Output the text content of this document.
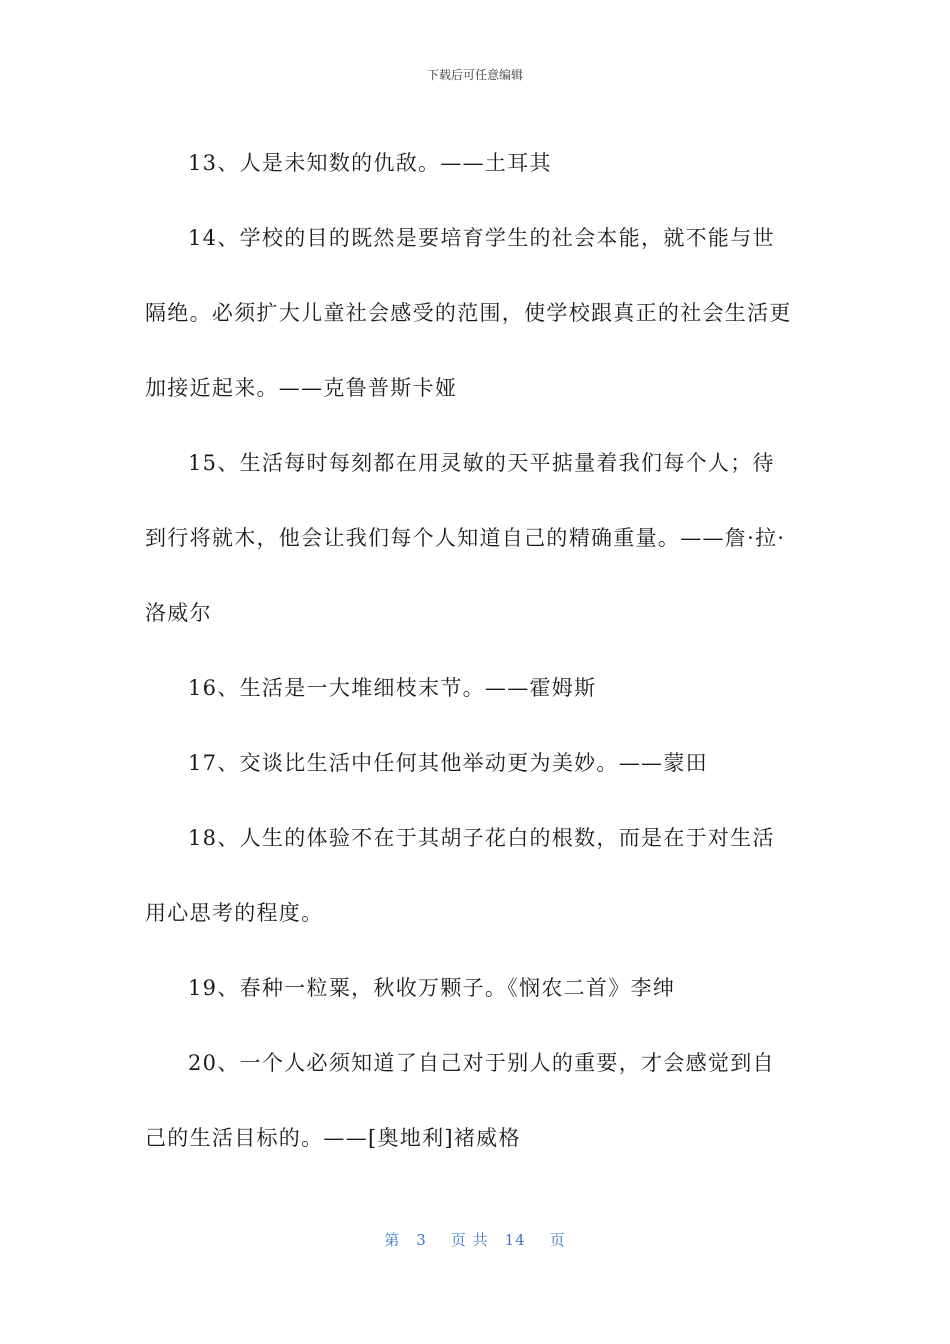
下载后可任意编辑

13、人是未知数的仇敌。——土耳其

14、学校的目的既然是要培育学生的社会本能，就不能与世隔绝。必须扩大儿童社会感受的范围，使学校跟真正的社会生活更加接近起来。——克鲁普斯卡娅

15、生活每时每刻都在用灵敏的天平掂量着我们每个人；待到行将就木，他会让我们每个人知道自己的精确重量。——詹·拉·洛威尔

16、生活是一大堆细枝末节。——霍姆斯

17、交谈比生活中任何其他举动更为美妙。——蒙田

18、人生的体验不在于其胡子花白的根数，而是在于对生活用心思考的程度。

19、春种一粒粟，秋收万颗子。《悯农二首》李绅

20、一个人必须知道了自己对于别人的重要，才会感觉到自己的生活目标的。——[奥地利]褚威格

第 3 页 共 14 页
